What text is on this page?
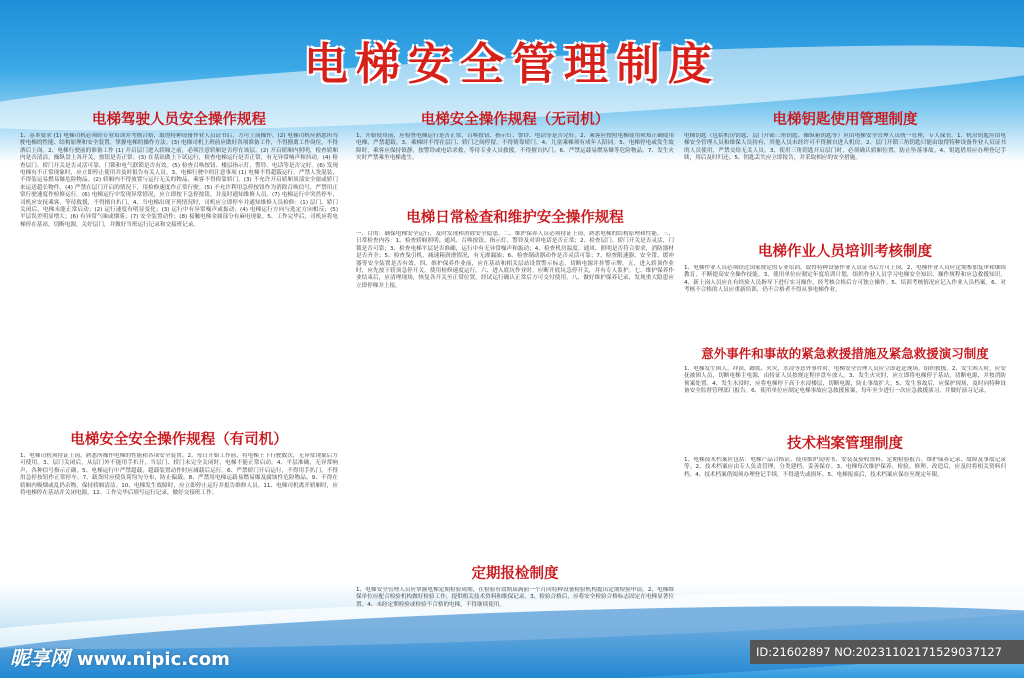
电梯安全管理制度
电梯驾驶人员安全操作规程
1、基本要求 (1) 电梯司机必须经专业培训并考核合格，取得特种设备作业人员证书后，方可上岗操作。(2) 电梯司机应熟悉所驾驶电梯的性能、结构原理和安全装置，掌握电梯的操作方法。(3) 电梯司机上班前应做好各项准备工作，不得擅离工作岗位，不得酒后上岗。2、电梯行驶前的准备工作 (1) 开启层门进入轿厢之前，必须注意轿厢是否停在该层。(2) 开启轿厢内照明，检查轿厢内是否清洁，操纵盘上各开关、按钮是否正常。(3) 在基站做上下试运行，检查电梯运行是否正常，有无异常响声和抖动。(4) 检查层门、轿门开关是否灵活可靠，门锁和电气联锁是否有效。(5) 检查召唤按钮、楼层指示灯、警铃、电话等是否完好。(6) 发现电梯有不正常现象时，应立即停止使用并及时报告有关人员。3、电梯行驶中的注意事项 (1) 电梯不得超载运行，严禁人货混装，不得装运易燃易爆危险物品。(2) 轿厢内不得放置与运行无关的物品，乘客不得倚靠轿门。(3) 不允许开启轿厢顶部安全窗或轿门来运送超长物件。(4) 严禁在层门开启的情况下，用检修速度作正常行驶。(5) 不允许利用急停按钮作为消除召唤信号，严禁用正常行驶速度作检修运行。(6) 电梯运行中发现异常情况，应立即按下急停按钮，并及时通知维修人员。(7) 电梯运行中突然停车，司机应安抚乘客，等待救援，不得擅自扒门。4、当电梯出现下列情况时，司机应立即停车并通知维修人员检修：(1) 层门、轿门关闭后，电梯未能正常启动；(2) 运行速度有明显变化；(3) 运行中有异常噪声或振动；(4) 电梯运行方向与选定方向相反；(5) 平层误差明显增大；(6) 有异常气味或烟雾；(7) 安全装置动作；(8) 接触电梯金属部分有麻电现象。5、工作完毕后，司机应将电梯停在基站，切断电源，关好层门，并做好当班运行记录和交接班记录。
电梯安全安全操作规程（有司机）
1、电梯司机须持证上岗，熟悉所操作电梯的性能和各项安全装置。2、每日开始工作前，将电梯上下行驶数次，无异常现象后方可使用。3、层门关闭后，从层门外不能用手扒开，当层门、轿门未完全关闭时，电梯不能正常启动。4、平层准确，无异常响声，各种信号指示正确。5、电梯运行中严禁超载，超载装置动作时应减载后运行。6、严禁轿门开启运行，不得用手扒门，不得用急停按钮作正常停车。7、载货时应使负荷均匀分布，防止偏载。8、严禁用电梯运载易燃易爆及腐蚀性危险物品。9、不得在轿厢内吸烟或乱扔杂物，保持轿厢清洁。10、电梯发生故障时，应立即停止运行并报告维修人员。11、电梯司机离开轿厢时，应将电梯停在基站并关闭电源。12、工作完毕后填写运行记录，做好交接班工作。
电梯安全操作规程（无司机）
1、开始使用前，应检查电梯运行是否正常，召唤按钮、指示灯、警铃、电话等是否完好。2、乘客应按照电梯使用须知正确使用电梯，严禁超载。3、乘梯时不得在层门、轿门之间停留，不得倚靠轿门。4、儿童乘梯须有成年人陪同。5、电梯停电或发生故障时，乘客应保持镇静，按警铃或电话求救，等待专业人员救援，不得擅自扒门。6、严禁运载易燃易爆等危险物品。7、发生火灾时严禁乘坐电梯逃生。
电梯日常检查和维护安全操作规程
一、目的：确保电梯安全运行，及时发现和消除安全隐患。二、维护保养人员必须持证上岗，熟悉电梯的结构原理和性能。三、日常检查内容：1、检查轿厢照明、通风、召唤按钮、指示灯、警铃及对讲电话是否正常；2、检查层门、轿门开关是否灵活，门锁是否可靠；3、检查电梯平层是否准确，运行中有无异常噪声和振动；4、检查机房温度、通风、照明是否符合要求，消防器材是否齐全；5、检查曳引机、减速箱润滑情况，有无渗漏油；6、检查制动器动作是否灵活可靠；7、检查限速器、安全钳、缓冲器等安全装置是否有效。四、维护保养作业前，应在基站和相关层站设置警示标志，切断电源并挂警示牌。五、进入轿顶作业时，应先按下轿顶急停开关，使用检修速度运行。六、进入底坑作业时，应断开底坑急停开关，并有专人监护。七、维护保养作业结束后，应清理现场，恢复各开关至正常位置，经试运行确认正常后方可交付使用。八、做好维护保养记录，发现重大隐患应立即停梯并上报。
定期报检制度
1、电梯安全管理人员应掌握电梯定期检验周期，在检验有效期届满前一个月向特种设备检验机构提出定期检验申请。2、电梯维保单位应配合检验机构做好检验工作，提供相关技术资料和维保记录。3、检验合格后，应将安全检验合格标志固定在电梯显著位置。4、未经定期检验或检验不合格的电梯，不得继续使用。
电梯钥匙使用管理制度
电梯钥匙（包括机房钥匙、层门开锁三角钥匙、操纵箱钥匙等）应由电梯安全管理人员统一管理，专人保管。1、机房钥匙应由电梯安全管理人员和维保人员持有，其他人员未经许可不得擅自进入机房。2、层门开锁三角钥匙只能由取得特种设备作业人员证书的人员使用，严禁交给无关人员。3、使用三角钥匙开启层门时，必须确认轿厢位置，防止坠落事故。4、钥匙借用应办理登记手续，用后及时归还。5、钥匙丢失应立即报告，并采取相应的安全措施。
电梯作业人员培训考核制度
1、电梯作业人员必须经过国家规定的专业培训，取得特种设备作业人员证书后方可上岗。2、电梯作业人员应定期参加复审和继续教育，不断提高安全操作技能。3、使用单位应制定年度培训计划，组织作业人员学习电梯安全知识、操作规程和应急救援知识。4、新上岗人员应在有经验人员指导下进行实习操作，经考核合格后方可独立操作。5、培训考核情况应记入作业人员档案。6、对考核不合格的人员应重新培训，仍不合格者不得从事电梯作业。
意外事件和事故的紧急救援措施及紧急救援演习制度
1、电梯发生困人、冲顶、蹲底、火灾、水浸等意外事件时，电梯安全管理人员应立即赶赴现场，组织救援。2、发生困人时，应安抚被困人员，切断电梯主电源，由持证人员按规定程序盘车放人。3、发生火灾时，应立即将电梯停于基站，切断电源，并按消防预案处置。4、发生水浸时，应将电梯停于高于水浸楼层，切断电源，防止事故扩大。5、发生事故后，应保护现场，及时向特种设备安全监督管理部门报告。6、使用单位应制定电梯事故应急救援预案，每年至少进行一次应急救援演习，并做好演习记录。
技术档案管理制度
1、电梯技术档案应包括：电梯产品合格证、使用维护说明书、安装及验收资料、定期检验报告、维护保养记录、故障及事故记录等。2、技术档案应由专人负责管理，分类建档，妥善保存。3、电梯每次维护保养、检验、修理、改造后，应及时将相关资料归档。4、技术档案借阅须办理登记手续，不得遗失或损坏。5、电梯报废后，技术档案应保存至规定年限。
昵享网 www.nipic.com	ID:21602897 NO:20231102171529037127
